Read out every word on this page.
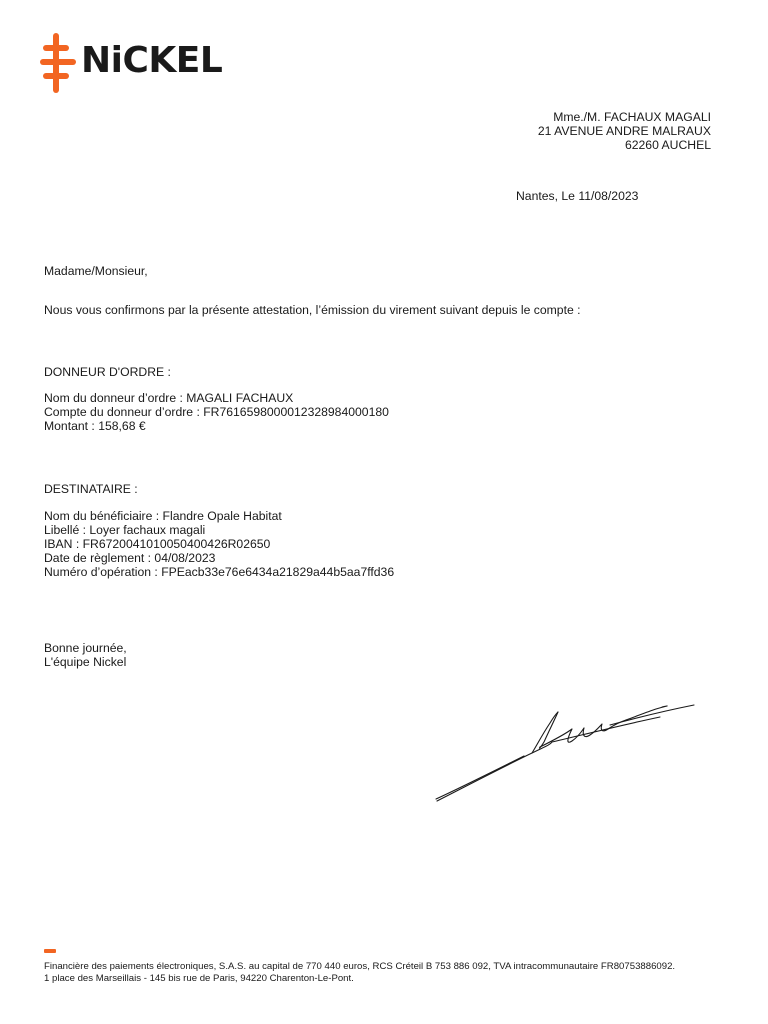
NiCKEL
Mme./M. FACHAUX MAGALI
21 AVENUE ANDRE MALRAUX
62260 AUCHEL
Nantes, Le 11/08/2023
Madame/Monsieur,
Nous vous confirmons par la présente attestation, l’émission du virement suivant depuis le compte :
DONNEUR D'ORDRE :
Nom du donneur d’ordre : MAGALI FACHAUX
Compte du donneur d’ordre : FR7616598000012328984000180
Montant : 158,68 €
DESTINATAIRE :
Nom du bénéficiaire : Flandre Opale Habitat
Libellé : Loyer fachaux magali
IBAN : FR6720041010050400426R02650
Date de règlement : 04/08/2023
Numéro d’opération : FPEacb33e76e6434a21829a44b5aa7ffd36
Bonne journée,
L'équipe Nickel
Financière des paiements électroniques, S.A.S. au capital de 770 440 euros, RCS Créteil B 753 886 092, TVA intracommunautaire FR80753886092.
1 place des Marseillais - 145 bis rue de Paris, 94220 Charenton-Le-Pont.
